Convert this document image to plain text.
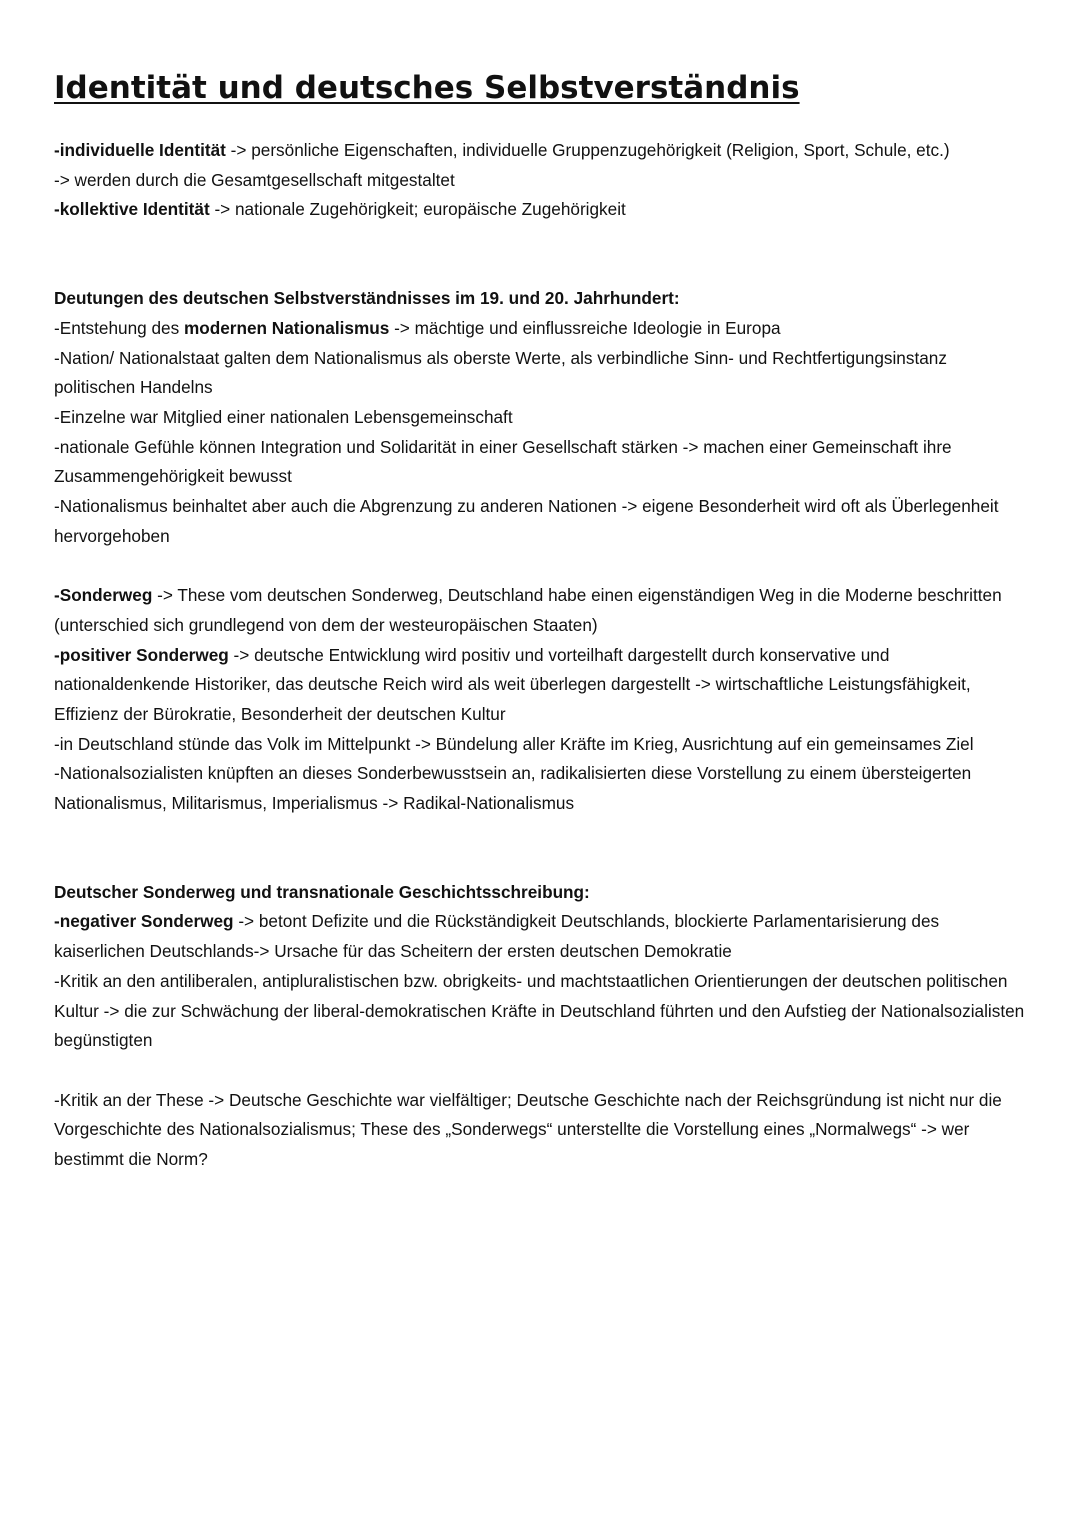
Identität und deutsches Selbstverständnis

-individuelle Identität -> persönliche Eigenschaften, individuelle Gruppenzugehörigkeit (Religion, Sport, Schule, etc.)

-> werden durch die Gesamtgesellschaft mitgestaltet

-kollektive Identität -> nationale Zugehörigkeit; europäische Zugehörigkeit

Deutungen des deutschen Selbstverständnisses im 19. und 20. Jahrhundert:

-Entstehung des modernen Nationalismus -> mächtige und einflussreiche Ideologie in Europa

-Nation/ Nationalstaat galten dem Nationalismus als oberste Werte, als verbindliche Sinn- und Rechtfertigungsinstanz politischen Handelns

-Einzelne war Mitglied einer nationalen Lebensgemeinschaft

-nationale Gefühle können Integration und Solidarität in einer Gesellschaft stärken -> machen einer Gemeinschaft ihre Zusammengehörigkeit bewusst

-Nationalismus beinhaltet aber auch die Abgrenzung zu anderen Nationen -> eigene Besonderheit wird oft als Überlegenheit hervorgehoben

-Sonderweg -> These vom deutschen Sonderweg, Deutschland habe einen eigenständigen Weg in die Moderne beschritten (unterschied sich grundlegend von dem der westeuropäischen Staaten)

-positiver Sonderweg -> deutsche Entwicklung wird positiv und vorteilhaft dargestellt durch konservative und nationaldenkende Historiker, das deutsche Reich wird als weit überlegen dargestellt -> wirtschaftliche Leistungsfähigkeit, Effizienz der Bürokratie, Besonderheit der deutschen Kultur

-in Deutschland stünde das Volk im Mittelpunkt -> Bündelung aller Kräfte im Krieg, Ausrichtung auf ein gemeinsames Ziel

-Nationalsozialisten knüpften an dieses Sonderbewusstsein an, radikalisierten diese Vorstellung zu einem übersteigerten Nationalismus, Militarismus, Imperialismus -> Radikal-Nationalismus

Deutscher Sonderweg und transnationale Geschichtsschreibung:

-negativer Sonderweg -> betont Defizite und die Rückständigkeit Deutschlands, blockierte Parlamentarisierung des kaiserlichen Deutschlands-> Ursache für das Scheitern der ersten deutschen Demokratie

-Kritik an den antiliberalen, antipluralistischen bzw. obrigkeits- und machtstaatlichen Orientierungen der deutschen politischen Kultur -> die zur Schwächung der liberal-demokratischen Kräfte in Deutschland führten und den Aufstieg der Nationalsozialisten begünstigten

-Kritik an der These -> Deutsche Geschichte war vielfältiger; Deutsche Geschichte nach der Reichsgründung ist nicht nur die Vorgeschichte des Nationalsozialismus; These des „Sonderwegs“ unterstellte die Vorstellung eines „Normalwegs“ -> wer bestimmt die Norm?
